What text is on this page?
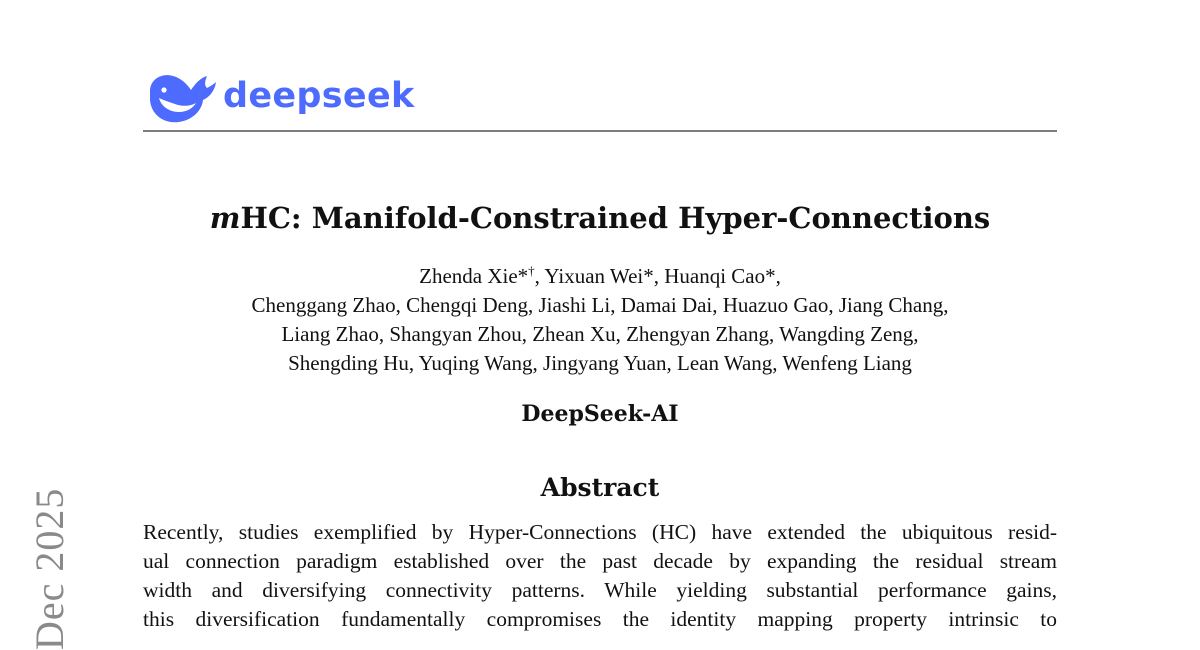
deepseek
mHC: Manifold-Constrained Hyper-Connections
Zhenda Xie*†, Yixuan Wei*, Huanqi Cao*,
Chenggang Zhao, Chengqi Deng, Jiashi Li, Damai Dai, Huazuo Gao, Jiang Chang,
Liang Zhao, Shangyan Zhou, Zhean Xu, Zhengyan Zhang, Wangding Zeng,
Shengding Hu, Yuqing Wang, Jingyang Yuan, Lean Wang, Wenfeng Liang
DeepSeek-AI
Abstract
Recently, studies exemplified by Hyper-Connections (HC) have extended the ubiquitous resid-
ual connection paradigm established over the past decade by expanding the residual stream
width and diversifying connectivity patterns. While yielding substantial performance gains,
this diversification fundamentally compromises the identity mapping property intrinsic to
Dec 2025
